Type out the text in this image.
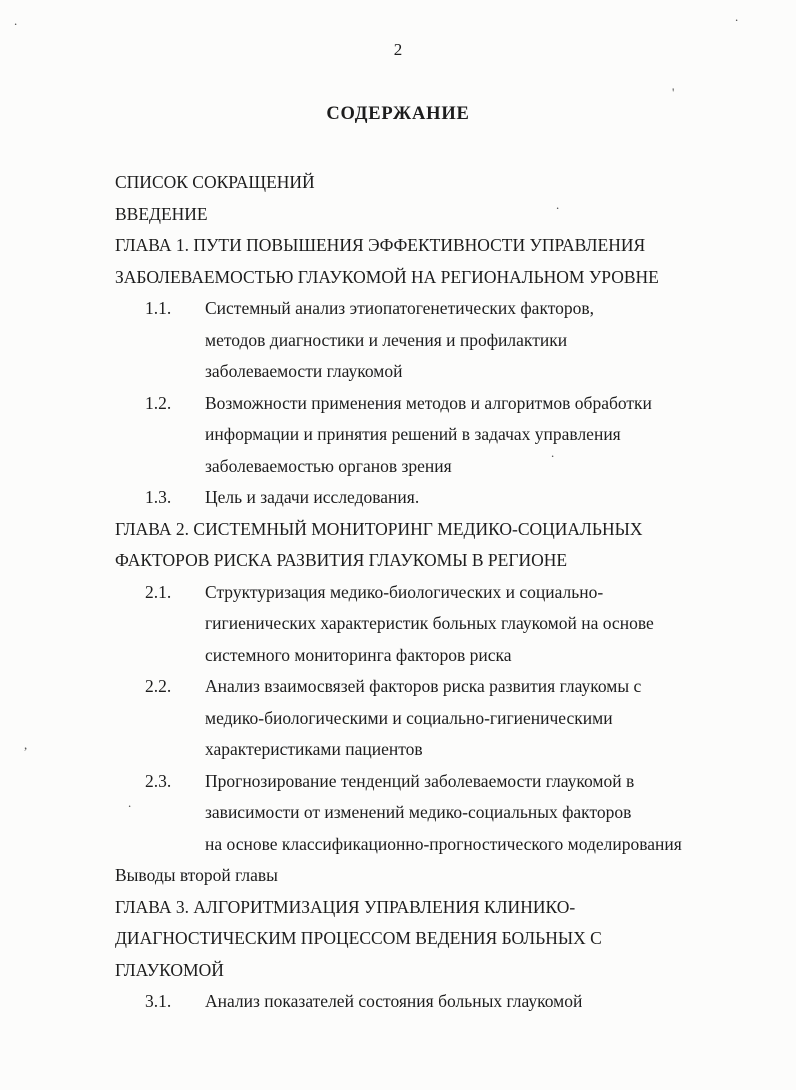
2
СОДЕРЖАНИЕ
СПИСОК СОКРАЩЕНИЙ
ВВЕДЕНИЕ
ГЛАВА 1. ПУТИ ПОВЫШЕНИЯ ЭФФЕКТИВНОСТИ УПРАВЛЕНИЯ
ЗАБОЛЕВАЕМОСТЬЮ ГЛАУКОМОЙ НА РЕГИОНАЛЬНОМ УРОВНЕ
1.1.	Системный анализ этиопатогенетических факторов,
методов диагностики и лечения и профилактики
заболеваемости глаукомой
1.2.	Возможности применения методов и алгоритмов обработки
информации и принятия решений в задачах управления
заболеваемостью органов зрения
1.3.	Цель и задачи исследования.
ГЛАВА 2. СИСТЕМНЫЙ МОНИТОРИНГ МЕДИКО-СОЦИАЛЬНЫХ
ФАКТОРОВ РИСКА РАЗВИТИЯ ГЛАУКОМЫ В РЕГИОНЕ
2.1.	Структуризация медико-биологических и социально-
гигиенических характеристик больных глаукомой на основе
системного мониторинга факторов риска
2.2.	Анализ взаимосвязей факторов риска развития глаукомы с
медико-биологическими и социально-гигиеническими
характеристиками пациентов
2.3.	Прогнозирование тенденций заболеваемости глаукомой в
зависимости от изменений медико-социальных факторов
на основе классификационно-прогностического моделирования
Выводы второй главы
ГЛАВА 3. АЛГОРИТМИЗАЦИЯ УПРАВЛЕНИЯ КЛИНИКО-
ДИАГНОСТИЧЕСКИМ ПРОЦЕССОМ ВЕДЕНИЯ БОЛЬНЫХ С
ГЛАУКОМОЙ
3.1.	Анализ показателей состояния больных глаукомой
.	.
'
.
.
,
.
